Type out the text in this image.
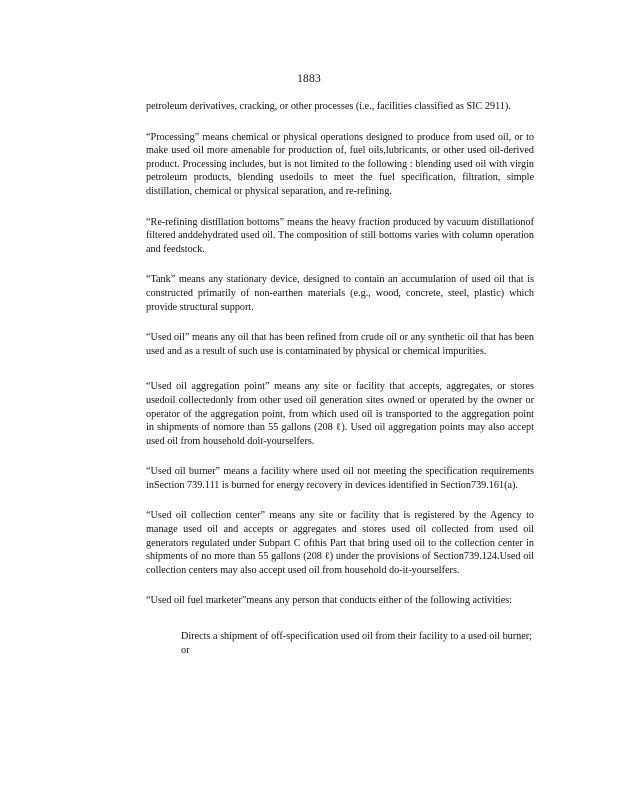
1883

petroleum derivatives, cracking, or other processes (i.e., facilities classified as SIC 2911).

“Processing” means chemical or physical operations designed to produce from used oil, or to make used oil more amenable for production of, fuel oils,lubricants, or other used oil-derived product. Processing includes, but is not limited to the following : blending used oil with virgin petroleum products, blending usedoils to meet the fuel specification, filtration, simple distillation, chemical or physical separation, and re-refining.

“Re-refining distillation bottoms” means the heavy fraction produced by vacuum distillationof filtered anddehydrated used oil. The composition of still bottoms varies with column operation and feedstock.

“Tank” means any stationary device, designed to contain an accumulation of used oil that is constructed primarily of non-earthen materials (e.g., wood, concrete, steel, plastic) which provide structural support.

“Used oil” means any oil that has been refined from crude oil or any synthetic oil that has been used and as a result of such use is contaminated by physical or chemical impurities.

“Used oil aggregation point” means any site or facility that accepts, aggregates, or stores usedoil collectedonly from other used oil generation sites owned or operated by the owner or operator of the aggregation point, from which used oil is transported to the aggregation point in shipments of nomore than 55 gallons (208 ℓ). Used oil aggregation points may also accept used oil from household doit-yourselfers.

“Used oil burner” means a facility where used oil not meeting the specification requirements inSection 739.111 is burned for energy recovery in devices identified in Section739.161(a).

“Used oil collection center” means any site or facility that is registered by the Agency to manage used oil and accepts or aggregates and stores used oil collected from used oil generators regulated under Subpart C ofthis Part that bring used oil to the collection center in shipments of no more than 55 gallons (208 ℓ) under the provisions of Section739.124.Used oil collection centers may also accept used oil from household do-it-yourselfers.

“Used oil fuel marketer”means any person that conducts either of the following activities:

Directs a shipment of off-specification used oil from their facility to a used oil burner; or
